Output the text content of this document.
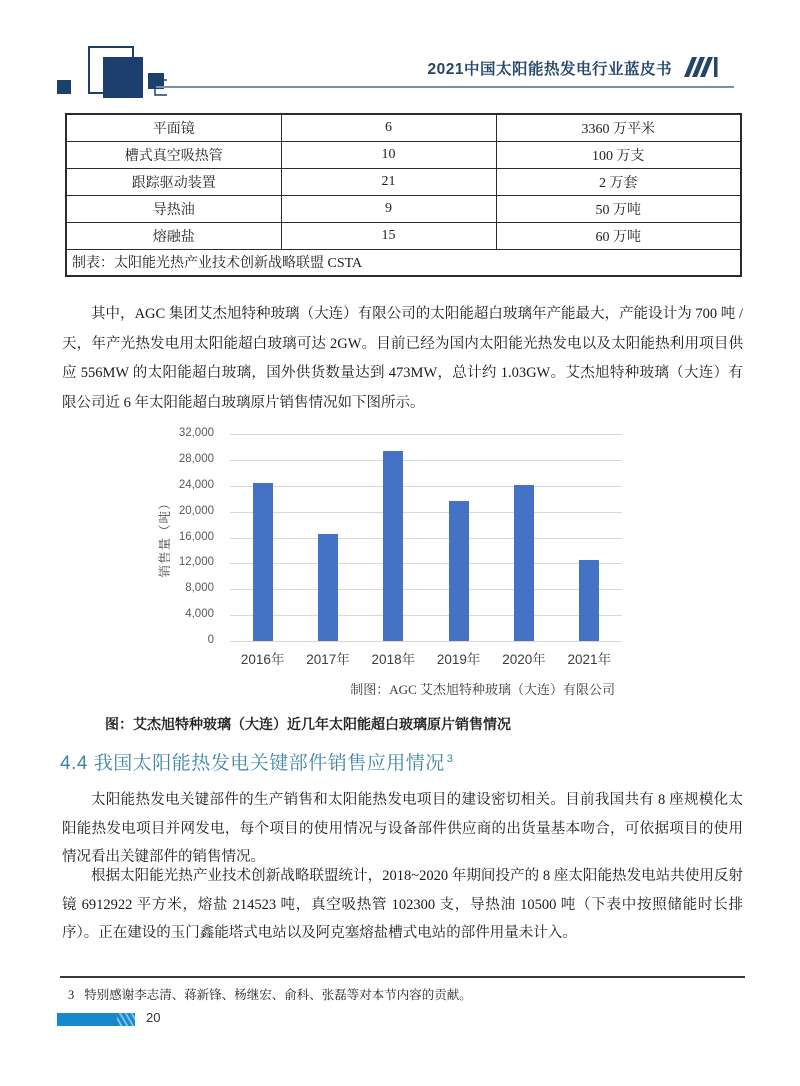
2021中国太阳能热发电行业蓝皮书
平面镜	6	3360 万平米
槽式真空吸热管	10	100 万支
跟踪驱动装置	21	2 万套
导热油	9	50 万吨
熔融盐	15	60 万吨
制表：太阳能光热产业技术创新战略联盟 CSTA		

其中，AGC 集团艾杰旭特种玻璃（大连）有限公司的太阳能超白玻璃年产能最大，产能设计为 700 吨 / 天，年产光热发电用太阳能超白玻璃可达 2GW。目前已经为国内太阳能光热发电以及太阳能热利用项目供应 556MW 的太阳能超白玻璃，国外供货数量达到 473MW，总计约 1.03GW。艾杰旭特种玻璃（大连）有限公司近 6 年太阳能超白玻璃原片销售情况如下图所示。

销售量（吨）
0
4,000
8,000
12,000
16,000
20,000
24,000
28,000
32,000
2016年	2017年	2018年	2019年	2020年	2021年
制图：AGC 艾杰旭特种玻璃（大连）有限公司
图：艾杰旭特种玻璃（大连）近几年太阳能超白玻璃原片销售情况
4.4 我国太阳能热发电关键部件销售应用情况 $^3$

太阳能热发电关键部件的生产销售和太阳能热发电项目的建设密切相关。目前我国共有 8 座规模化太阳能热发电项目并网发电，每个项目的使用情况与设备部件供应商的出货量基本吻合，可依据项目的使用情况看出关键部件的销售情况。

根据太阳能光热产业技术创新战略联盟统计，2018~2020 年期间投产的 8 座太阳能热发电站共使用反射镜 6912922 平方米，熔盐 214523 吨，真空吸热管 102300 支，导热油 10500 吨（下表中按照储能时长排序）。正在建设的玉门鑫能塔式电站以及阿克塞熔盐槽式电站的部件用量未计入。

3 特别感谢李志清、蒋新锋、杨继宏、俞科、张磊等对本节内容的贡献。
20
